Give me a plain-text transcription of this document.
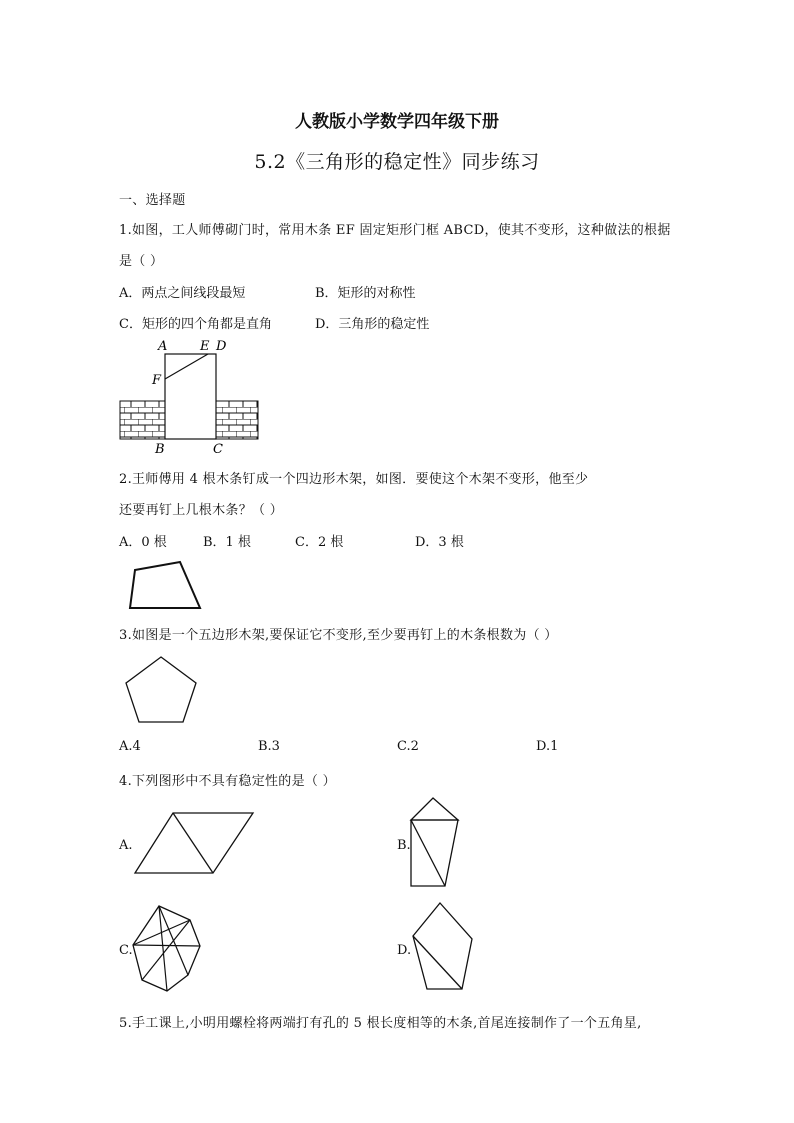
人教版小学数学四年级下册
5.2《三角形的稳定性》同步练习
一、选择题
1.如图，工人师傅砌门时，常用木条 EF 固定矩形门框 ABCD，使其不变形，这种做法的根据
是（ ）
A．两点之间线段最短	B．矩形的对称性
C．矩形的四个角都是直角	D．三角形的稳定性
A	E D
F
B	C
2.王师傅用 4 根木条钉成一个四边形木架，如图．要使这个木架不变形，他至少
还要再钉上几根木条？（ ）
A．0 根	B．1 根	C．2 根	D．3 根
3.如图是一个五边形木架,要保证它不变形,至少要再钉上的木条根数为（ ）
A.4	B.3	C.2	D.1
4.下列图形中不具有稳定性的是（ ）
A.	B.
C.	D.
5.手工课上,小明用螺栓将两端打有孔的 5 根长度相等的木条,首尾连接制作了一个五角星,
